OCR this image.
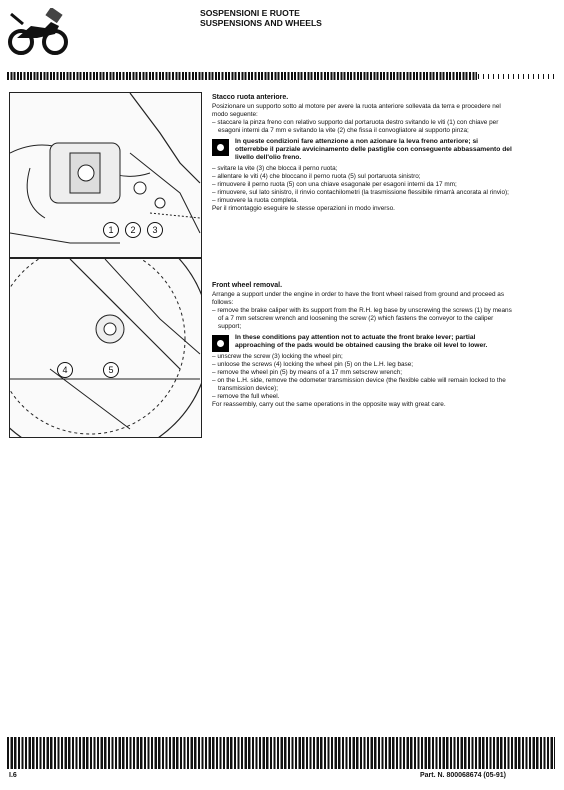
SOSPENSIONI E RUOTE
SUSPENSIONS AND WHEELS
1	2	3
4	5

Stacco ruota anteriore.

Posizionare un supporto sotto al motore per avere la ruota anteriore sollevata da terra e procedere nel modo seguente:

– staccare la pinza freno con relativo supporto dal portaruota destro svitando le viti (1) con chiave per esagoni interni da 7 mm e svitando la vite (2) che fissa il convogliatore al supporto pinza;
In queste condizioni fare attenzione a non azionare la leva freno anteriore; si otterrebbe il parziale avvicinamento delle pastiglie con conseguente abbassamento del livello dell'olio freno.
– svitare la vite (3) che blocca il perno ruota;
– allentare le viti (4) che bloccano il perno ruota (5) sul portaruota sinistro;
– rimuovere il perno ruota (5) con una chiave esagonale per esagoni interni da 17 mm;
– rimuovere, sul lato sinistro, il rinvio contachilometri (la trasmissione flessibile rimarrà ancorata al rinvio);
– rimuovere la ruota completa.

Per il rimontaggio eseguire le stesse operazioni in modo inverso.

Front wheel removal.

Arrange a support under the engine in order to have the front wheel raised from ground and proceed as follows:

– remove the brake caliper with its support from the R.H. leg base by unscrewing the screws (1) by means of a 7 mm setscrew wrench and loosening the screw (2) which fastens the conveyor to the caliper support;
In these conditions pay attention not to actuate the front brake lever; partial approaching of the pads would be obtained causing the brake oil level to lower.
– unscrew the screw (3) locking the wheel pin;
– unloose the screws (4) locking the wheel pin (5) on the L.H. leg base;
– remove the wheel pin (5) by means of a 17 mm setscrew wrench;
– on the L.H. side, remove the odometer transmission device (the flexible cable will remain locked to the transmission device);
– remove the full wheel.

For reassembly, carry out the same operations in the opposite way with great care.

I.6	Part. N. 800068674 (05-91)
